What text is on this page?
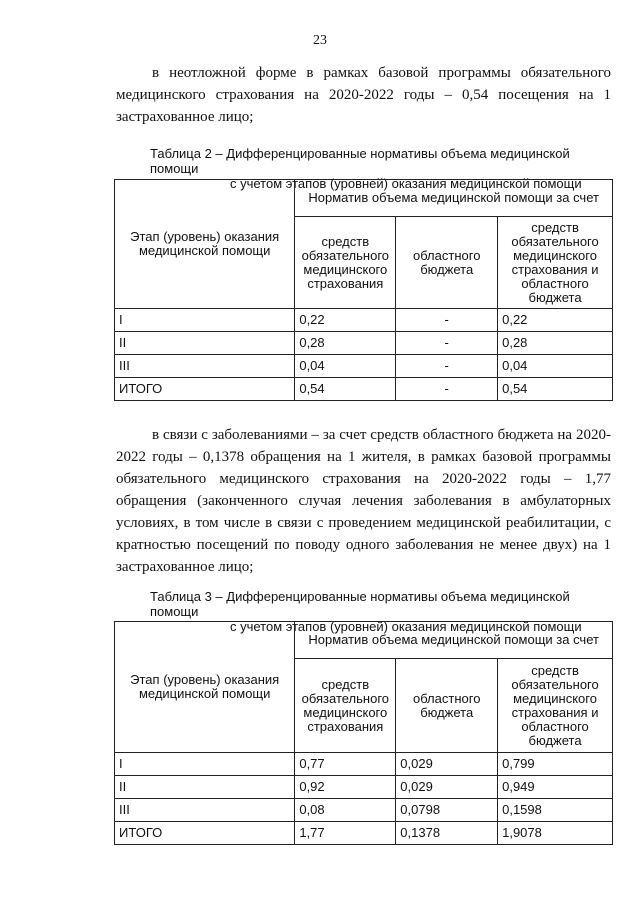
23

в неотложной форме в рамках базовой программы обязательного медицинского страхования на 2020-2022 годы – 0,54 посещения на 1 застрахованное лицо;

Таблица 2 – Дифференцированные нормативы объема медицинской помощи
с учетом этапов (уровней) оказания медицинской помощи
Этап (уровень) оказания медицинской помощи	Норматив объема медицинской помощи за счет		
	средств обязательного медицинского страхования	областного бюджета	средств обязательного медицинского страхования и областного бюджета
I	0,22	-	0,22
II	0,28	-	0,28
III	0,04	-	0,04
ИТОГО	0,54	-	0,54

в связи с заболеваниями – за счет средств областного бюджета на 2020-2022 годы – 0,1378 обращения на 1 жителя, в рамках базовой программы обязательного медицинского страхования на 2020-2022 годы – 1,77 обращения (законченного случая лечения заболевания в амбулаторных условиях, в том числе в связи с проведением медицинской реабилитации, с кратностью посещений по поводу одного заболевания не менее двух) на 1 застрахованное лицо;

Таблица 3 – Дифференцированные нормативы объема медицинской помощи
с учетом этапов (уровней) оказания медицинской помощи
Этап (уровень) оказания медицинской помощи	Норматив объема медицинской помощи за счет		
	средств обязательного медицинского страхования	областного бюджета	средств обязательного медицинского страхования и областного бюджета
I	0,77	0,029	0,799
II	0,92	0,029	0,949
III	0,08	0,0798	0,1598
ИТОГО	1,77	0,1378	1,9078
